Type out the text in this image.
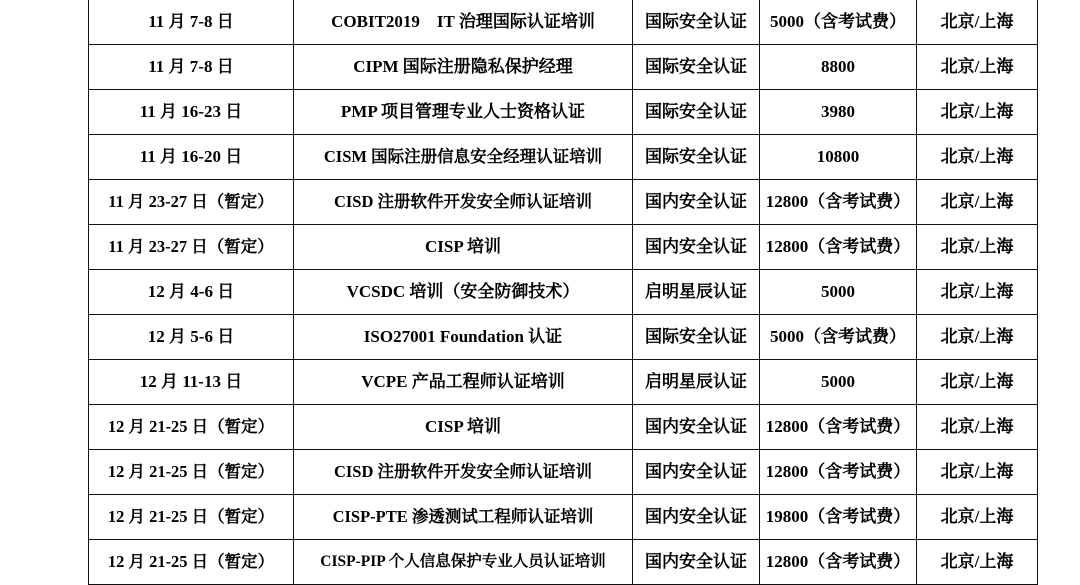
11 月 7-8 日	COBIT2019　IT 治理国际认证培训	国际安全认证	5000（含考试费）	北京/上海
11 月 7-8 日	CIPM 国际注册隐私保护经理	国际安全认证	8800	北京/上海
11 月 16-23 日	PMP 项目管理专业人士资格认证	国际安全认证	3980	北京/上海
11 月 16-20 日	CISM 国际注册信息安全经理认证培训	国际安全认证	10800	北京/上海
11 月 23-27 日（暂定）	CISD 注册软件开发安全师认证培训	国内安全认证	12800（含考试费）	北京/上海
11 月 23-27 日（暂定）	CISP 培训	国内安全认证	12800（含考试费）	北京/上海
12 月 4-6 日	VCSDC 培训（安全防御技术）	启明星辰认证	5000	北京/上海
12 月 5-6 日	ISO27001 Foundation 认证	国际安全认证	5000（含考试费）	北京/上海
12 月 11-13 日	VCPE 产品工程师认证培训	启明星辰认证	5000	北京/上海
12 月 21-25 日（暂定）	CISP 培训	国内安全认证	12800（含考试费）	北京/上海
12 月 21-25 日（暂定）	CISD 注册软件开发安全师认证培训	国内安全认证	12800（含考试费）	北京/上海
12 月 21-25 日（暂定）	CISP-PTE 渗透测试工程师认证培训	国内安全认证	19800（含考试费）	北京/上海
12 月 21-25 日（暂定）	CISP-PIP 个人信息保护专业人员认证培训	国内安全认证	12800（含考试费）	北京/上海
